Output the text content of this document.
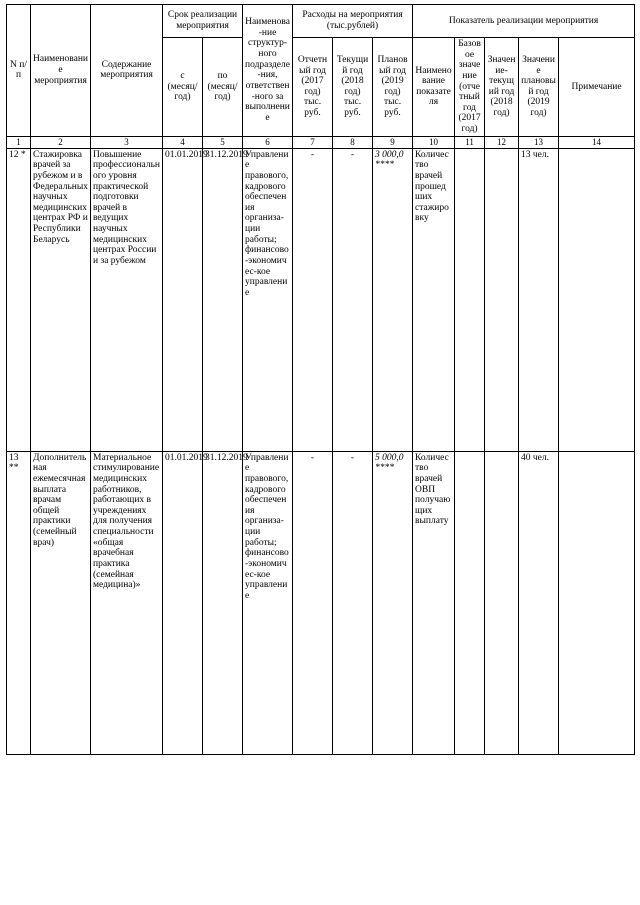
N п/п	Наименование мероприятия	Содержание мероприятия	Срок реализации мероприятия		Наименова-ние структур-ного подразделе-ния, ответствен-ного за выполнение	Расходы на мероприятия (тыс.рублей)			Показатель реализации мероприятия				
			с (месяц/ год)	по (месяц/ год)		Отчетный год (2017 год) тыс. руб.	Текущий год (2018 год) тыс. руб.	Плановый год (2019 год) тыс. руб.	Наименование показателя	Базовое значение (отчетный год (2017 год)	Значение-текущий год (2018 год)	Значение плановый год (2019 год)	Примечание

1	2	3	4	5	6	7	8	9	10	11	12	13	14
12 *	Стажировка врачей за рубежом и в Федеральных научных медицинских центрах РФ и Республики Беларусь	Повышение профессионального уровня практической подготовки врачей в ведущих научных медицинских центрах России и за рубежом	01.01.2019	31.12.2019	Управление правового, кадрового обеспечения организа-ции работы; финансово-экономичес-кое управление	-	-	3 000,0 ****	Количество врачей прошедших стажировку			13 чел.	
13 **	Дополнительная ежемесячная выплата врачам общей практики (семейный врач)	Материальное стимулирование медицинских работников, работающих в учреждениях для получения специальности «общая врачебная практика (семейная медицина)»	01.01.2019	31.12.2019	Управление правового, кадрового обеспечения организа-ции работы; финансово-экономичес-кое управление	-	-	5 000,0 ****	Количество врачей ОВП получающих выплату			40 чел.	
